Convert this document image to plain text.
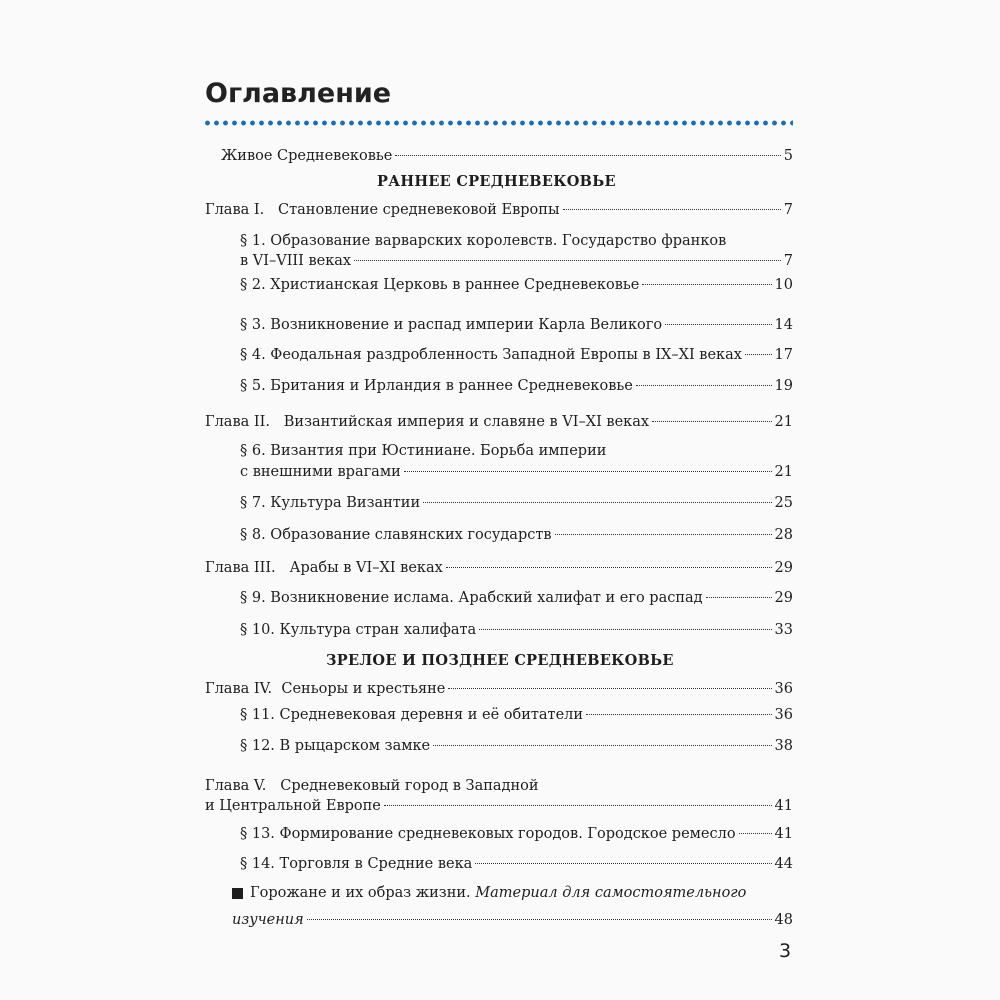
Оглавление
Живое Средневековье	5
РАННЕЕ СРЕДНЕВЕКОВЬЕ
Глава I.   Становление средневековой Европы	7
§ 1. Образование варварских королевств. Государство франков
в VI–VIII веках	7
§ 2. Христианская Церковь в раннее Средневековье	10
§ 3. Возникновение и распад империи Карла Великого	14
§ 4. Феодальная раздробленность Западной Европы в IX–XI веках 17
§ 5. Британия и Ирландия в раннее Средневековье	19
Глава II.   Византийская империя и славяне в VI–XI веках	21
§ 6. Византия при Юстиниане. Борьба империи
с внешними врагами	21
§ 7. Культура Византии	25
§ 8. Образование славянских государств	28
Глава III.   Арабы в VI–XI веках	29
§ 9. Возникновение ислама. Арабский халифат и его распад	29
§ 10. Культура стран халифата	33
ЗРЕЛОЕ И ПОЗДНЕЕ СРЕДНЕВЕКОВЬЕ
Глава IV.  Сеньоры и крестьяне	36
§ 11. Средневековая деревня и её обитатели	36
§ 12. В рыцарском замке	38
Глава V.   Средневековый город в Западной
и Центральной Европе	41
§ 13. Формирование средневековых городов. Городское ремесло	41
§ 14. Торговля в Средние века	44
Горожане и их образ жизни. Материал для самостоятельного
изучения	48
3
